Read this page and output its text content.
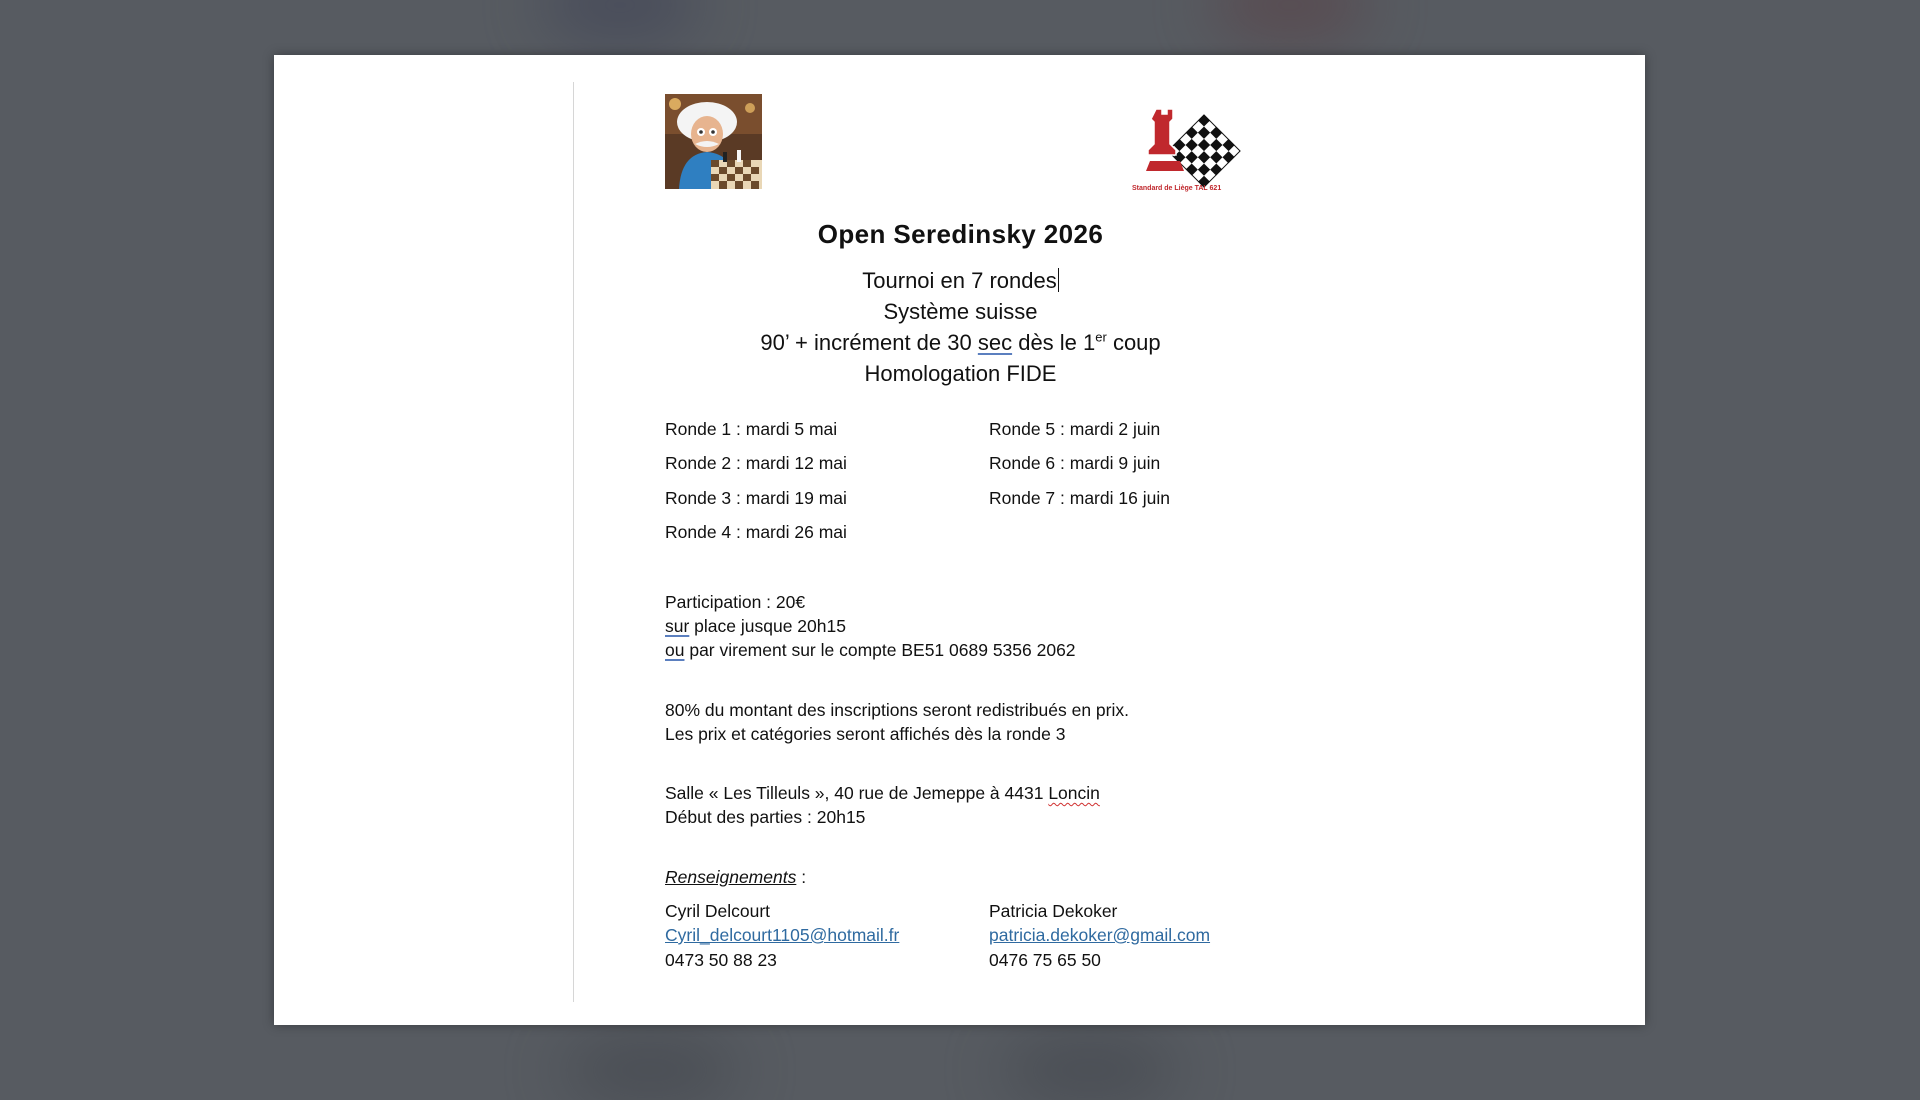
Standard de Liège TAL 621
Open Seredinsky 2026
Tournoi en 7 rondes
Système suisse
90’ + incrément de 30 sec dès le 1er coup
Homologation FIDE
Ronde 1 : mardi 5 mai
Ronde 2 : mardi 12 mai
Ronde 3 : mardi 19 mai
Ronde 4 : mardi 26 mai
Ronde 5 : mardi 2 juin
Ronde 6 : mardi 9 juin
Ronde 7 : mardi 16 juin
Participation : 20€
sur place jusque 20h15
ou par virement sur le compte BE51 0689 5356 2062
80% du montant des inscriptions seront redistribués en prix.
Les prix et catégories seront affichés dès la ronde 3
Salle « Les Tilleuls », 40 rue de Jemeppe à 4431 Loncin
Début des parties : 20h15
Renseignements :
Cyril Delcourt
Cyril_delcourt1105@hotmail.fr
0473 50 88 23
Patricia Dekoker
patricia.dekoker@gmail.com
0476 75 65 50
